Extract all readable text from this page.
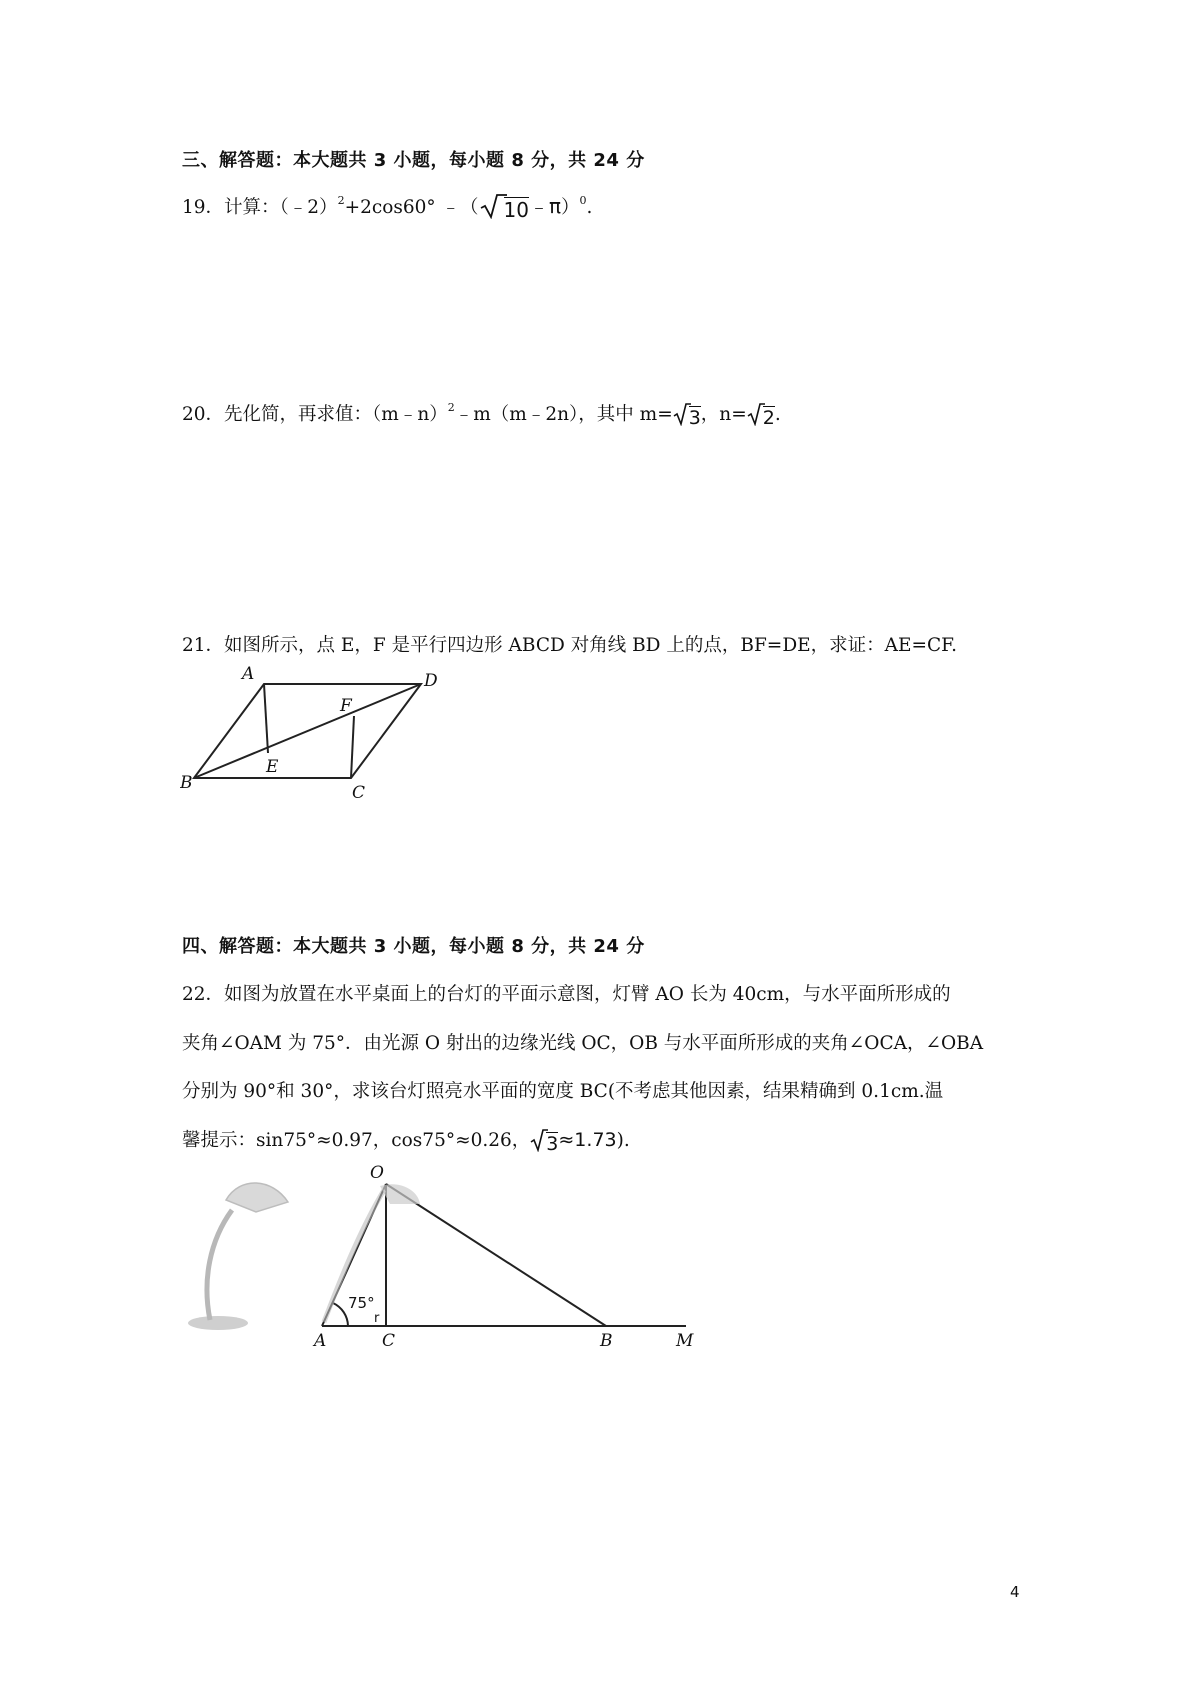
三、解答题：本大题共 3 小题，每小题 8 分，共 24 分
19．计算：（﹣2）$^2$+2cos60° ﹣（ 10﹣π）$^0$.
20．先化简，再求值：（m﹣n）$^2$﹣m（m﹣2n），其中 m= 3，n= 2.
21．如图所示，点 E，F 是平行四边形 ABCD 对角线 BD 上的点，BF=DE，求证：AE=CF.
A	D
F
E
B	C
四、解答题：本大题共 3 小题，每小题 8 分，共 24 分
22．如图为放置在水平桌面上的台灯的平面示意图，灯臂 AO 长为 40cm，与水平面所形成的
夹角∠OAM 为 75°．由光源 O 射出的边缘光线 OC，OB 与水平面所形成的夹角∠OCA，∠OBA
分别为 90°和 30°，求该台灯照亮水平面的宽度 BC(不考虑其他因素，结果精确到 0.1cm.温
馨提示：sin75°≈0.97，cos75°≈0.26， 3≈1.73).
O
A	C	B	M
75°
r
4
